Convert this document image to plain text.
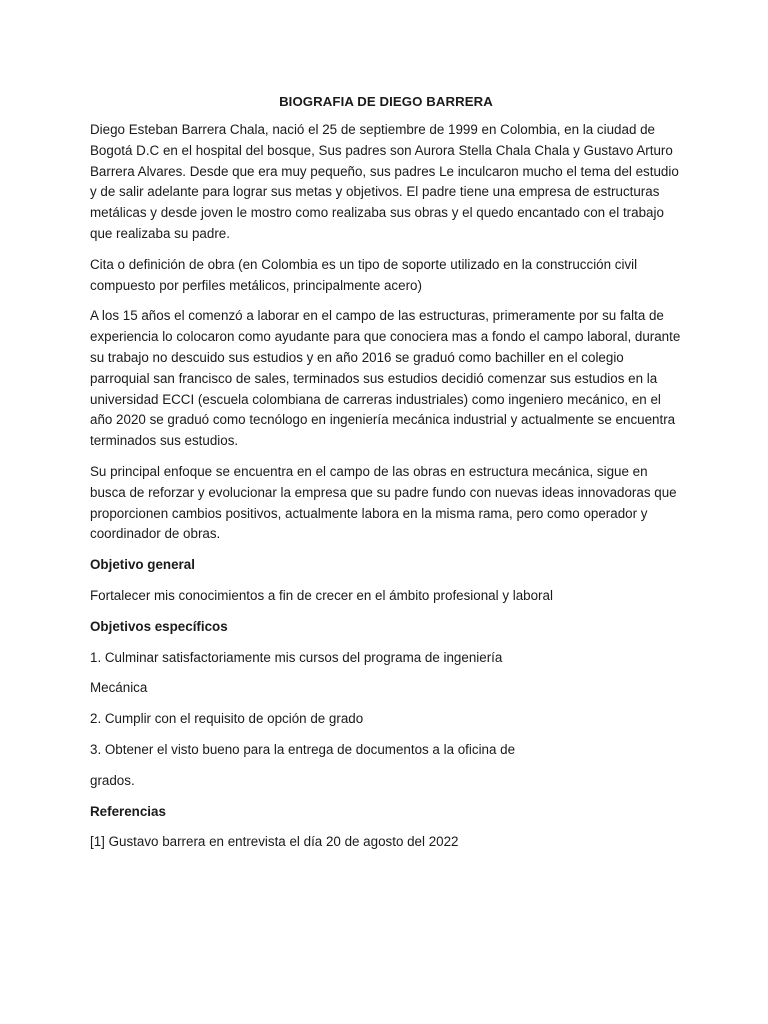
BIOGRAFIA DE DIEGO BARRERA

Diego Esteban Barrera Chala, nació el 25 de septiembre de 1999 en Colombia, en la ciudad de Bogotá D.C en el hospital del bosque, Sus padres son Aurora Stella Chala Chala y Gustavo Arturo Barrera Alvares. Desde que era muy pequeño, sus padres Le inculcaron mucho el tema del estudio y de salir adelante para lograr sus metas y objetivos. El padre tiene una empresa de estructuras metálicas y desde joven le mostro como realizaba sus obras y el quedo encantado con el trabajo que realizaba su padre.

Cita o definición de obra (en Colombia es un tipo de soporte utilizado en la construcción civil compuesto por perfiles metálicos, principalmente acero)

A los 15 años el comenzó a laborar en el campo de las estructuras, primeramente por su falta de experiencia lo colocaron como ayudante para que conociera mas a fondo el campo laboral, durante su trabajo no descuido sus estudios y en año 2016 se graduó como bachiller en el colegio parroquial san francisco de sales, terminados sus estudios decidió comenzar sus estudios en la universidad ECCI (escuela colombiana de carreras industriales) como ingeniero mecánico, en el año 2020 se graduó como tecnólogo en ingeniería mecánica industrial y actualmente se encuentra terminados sus estudios.

Su principal enfoque se encuentra en el campo de las obras en estructura mecánica, sigue en busca de reforzar y evolucionar la empresa que su padre fundo con nuevas ideas innovadoras que proporcionen cambios positivos, actualmente labora en la misma rama, pero como operador y coordinador de obras.

Objetivo general

Fortalecer mis conocimientos a fin de crecer en el ámbito profesional y laboral

Objetivos específicos

1. Culminar satisfactoriamente mis cursos del programa de ingeniería

Mecánica

2. Cumplir con el requisito de opción de grado

3. Obtener el visto bueno para la entrega de documentos a la oficina de

grados.

Referencias

[1] Gustavo barrera en entrevista el día 20 de agosto del 2022
